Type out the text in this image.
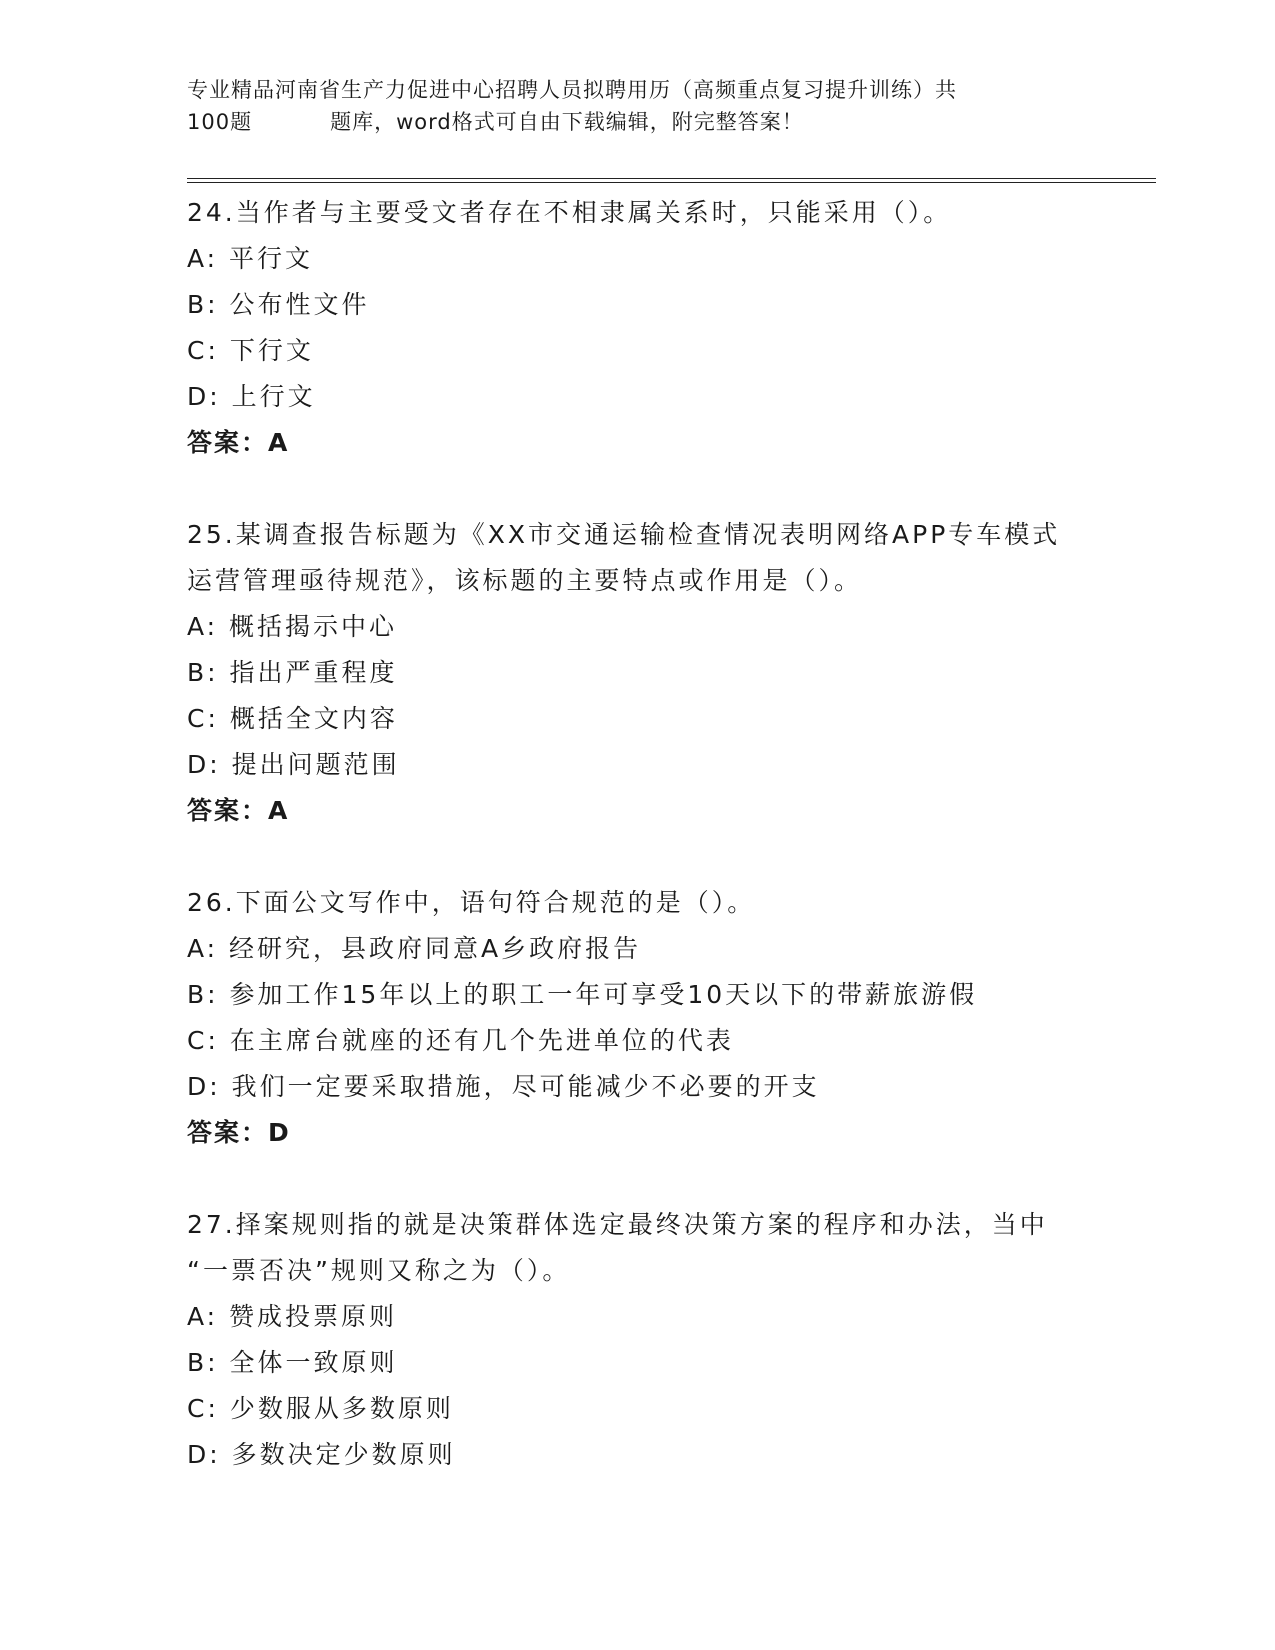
专业精品河南省生产力促进中心招聘人员拟聘用历（高频重点复习提升训练）共
100题	题库，word格式可自由下载编辑，附完整答案！
24.当作者与主要受文者存在不相隶属关系时，只能采用（）。
A: 平行文
B: 公布性文件
C: 下行文
D: 上行文
答案：A
25.某调查报告标题为《XX市交通运输检查情况表明网络APP专车模式
运营管理亟待规范》，该标题的主要特点或作用是（）。
A: 概括揭示中心
B: 指出严重程度
C: 概括全文内容
D: 提出问题范围
答案：A
26.下面公文写作中，语句符合规范的是（）。
A: 经研究，县政府同意A乡政府报告
B: 参加工作15年以上的职工一年可享受10天以下的带薪旅游假
C: 在主席台就座的还有几个先进单位的代表
D: 我们一定要采取措施，尽可能减少不必要的开支
答案：D
27.择案规则指的就是决策群体选定最终决策方案的程序和办法，当中
“一票否决”规则又称之为（）。
A: 赞成投票原则
B: 全体一致原则
C: 少数服从多数原则
D: 多数决定少数原则
